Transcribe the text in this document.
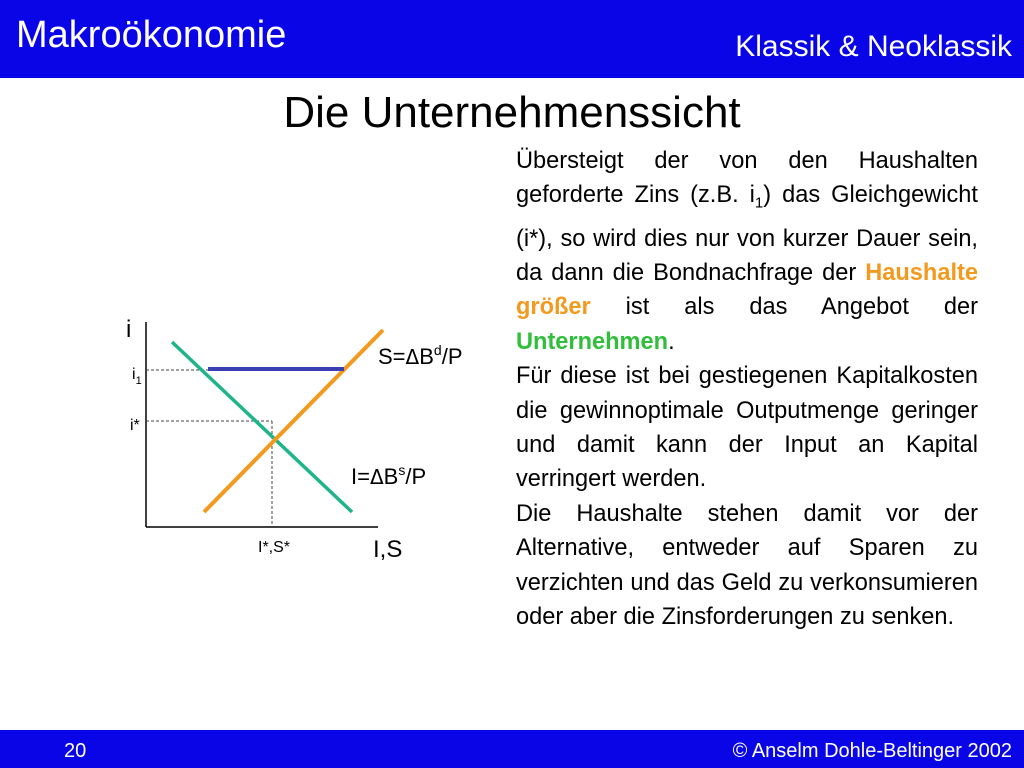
Makroökonomie	Klassik & Neoklassik
Die Unternehmenssicht
i
I,S
$i_1$
i*
I*,S*
$S=\Delta B^d/P$
$I=\Delta B^s/P$

Übersteigt der von den Haushalten geforderte Zins (z.B. $i_1$) das Gleichgewicht (i*), so wird dies nur von kurzer Dauer sein, da dann die Bondnachfrage der Haushalte größer ist als das Angebot der Unternehmen.

Für diese ist bei gestiegenen Kapitalkosten die gewinnoptimale Outputmenge geringer und damit kann der Input an Kapital verringert werden.

Die Haushalte stehen damit vor der Alternative, entweder auf Sparen zu verzichten und das Geld zu verkonsumieren oder aber die Zinsforderungen zu senken.

20	© Anselm Dohle-Beltinger 2002
